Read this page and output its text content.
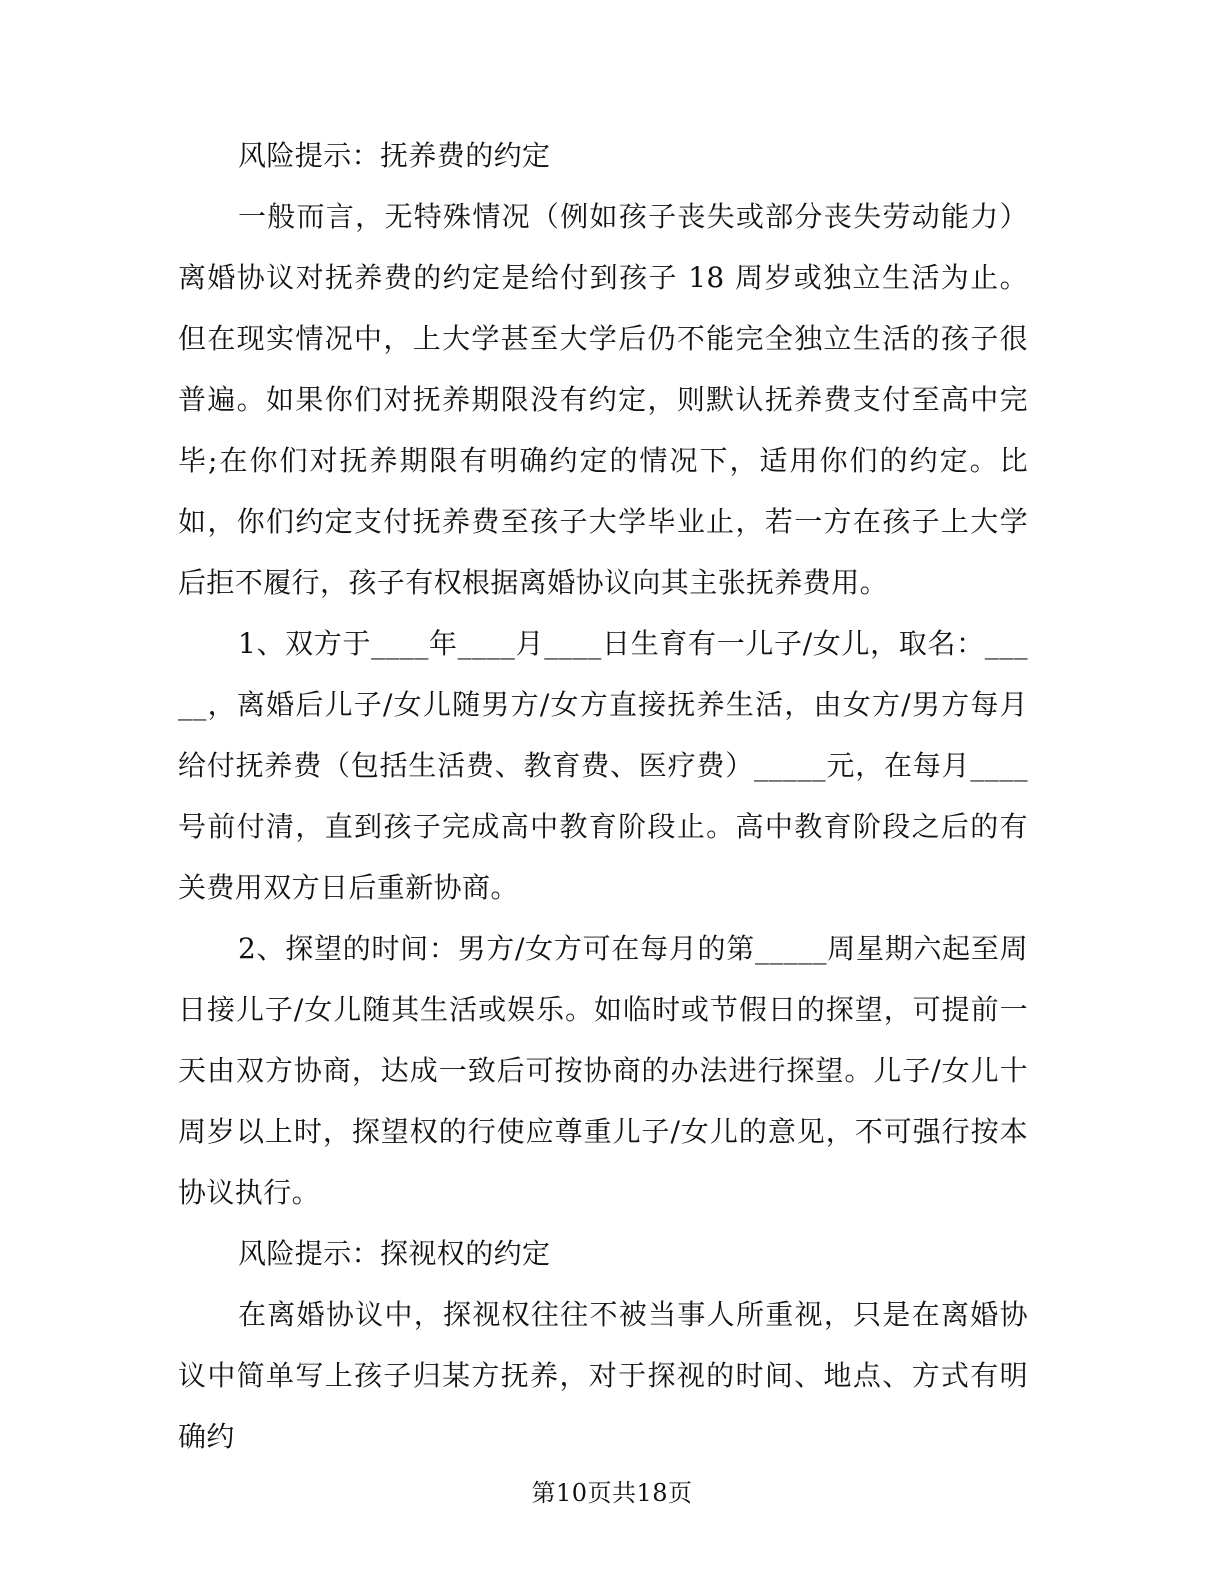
风险提示：抚养费的约定

一般而言，无特殊情况（例如孩子丧失或部分丧失劳动能力）离婚协议对抚养费的约定是给付到孩子 18 周岁或独立生活为止。但在现实情况中，上大学甚至大学后仍不能完全独立生活的孩子很普遍。如果你们对抚养期限没有约定，则默认抚养费支付至高中完毕;在你们对抚养期限有明确约定的情况下，适用你们的约定。比如，你们约定支付抚养费至孩子大学毕业止，若一方在孩子上大学后拒不履行，孩子有权根据离婚协议向其主张抚养费用。

1、双方于____年____月____日生育有一儿子/女儿，取名：_____，离婚后儿子/女儿随男方/女方直接抚养生活，由女方/男方每月给付抚养费（包括生活费、教育费、医疗费）_____元，在每月____号前付清，直到孩子完成高中教育阶段止。高中教育阶段之后的有关费用双方日后重新协商。

2、探望的时间：男方/女方可在每月的第_____周星期六起至周日接儿子/女儿随其生活或娱乐。如临时或节假日的探望，可提前一天由双方协商，达成一致后可按协商的办法进行探望。儿子/女儿十周岁以上时，探望权的行使应尊重儿子/女儿的意见，不可强行按本协议执行。

风险提示：探视权的约定

在离婚协议中，探视权往往不被当事人所重视，只是在离婚协议中简单写上孩子归某方抚养，对于探视的时间、地点、方式有明确约

第10页共18页
